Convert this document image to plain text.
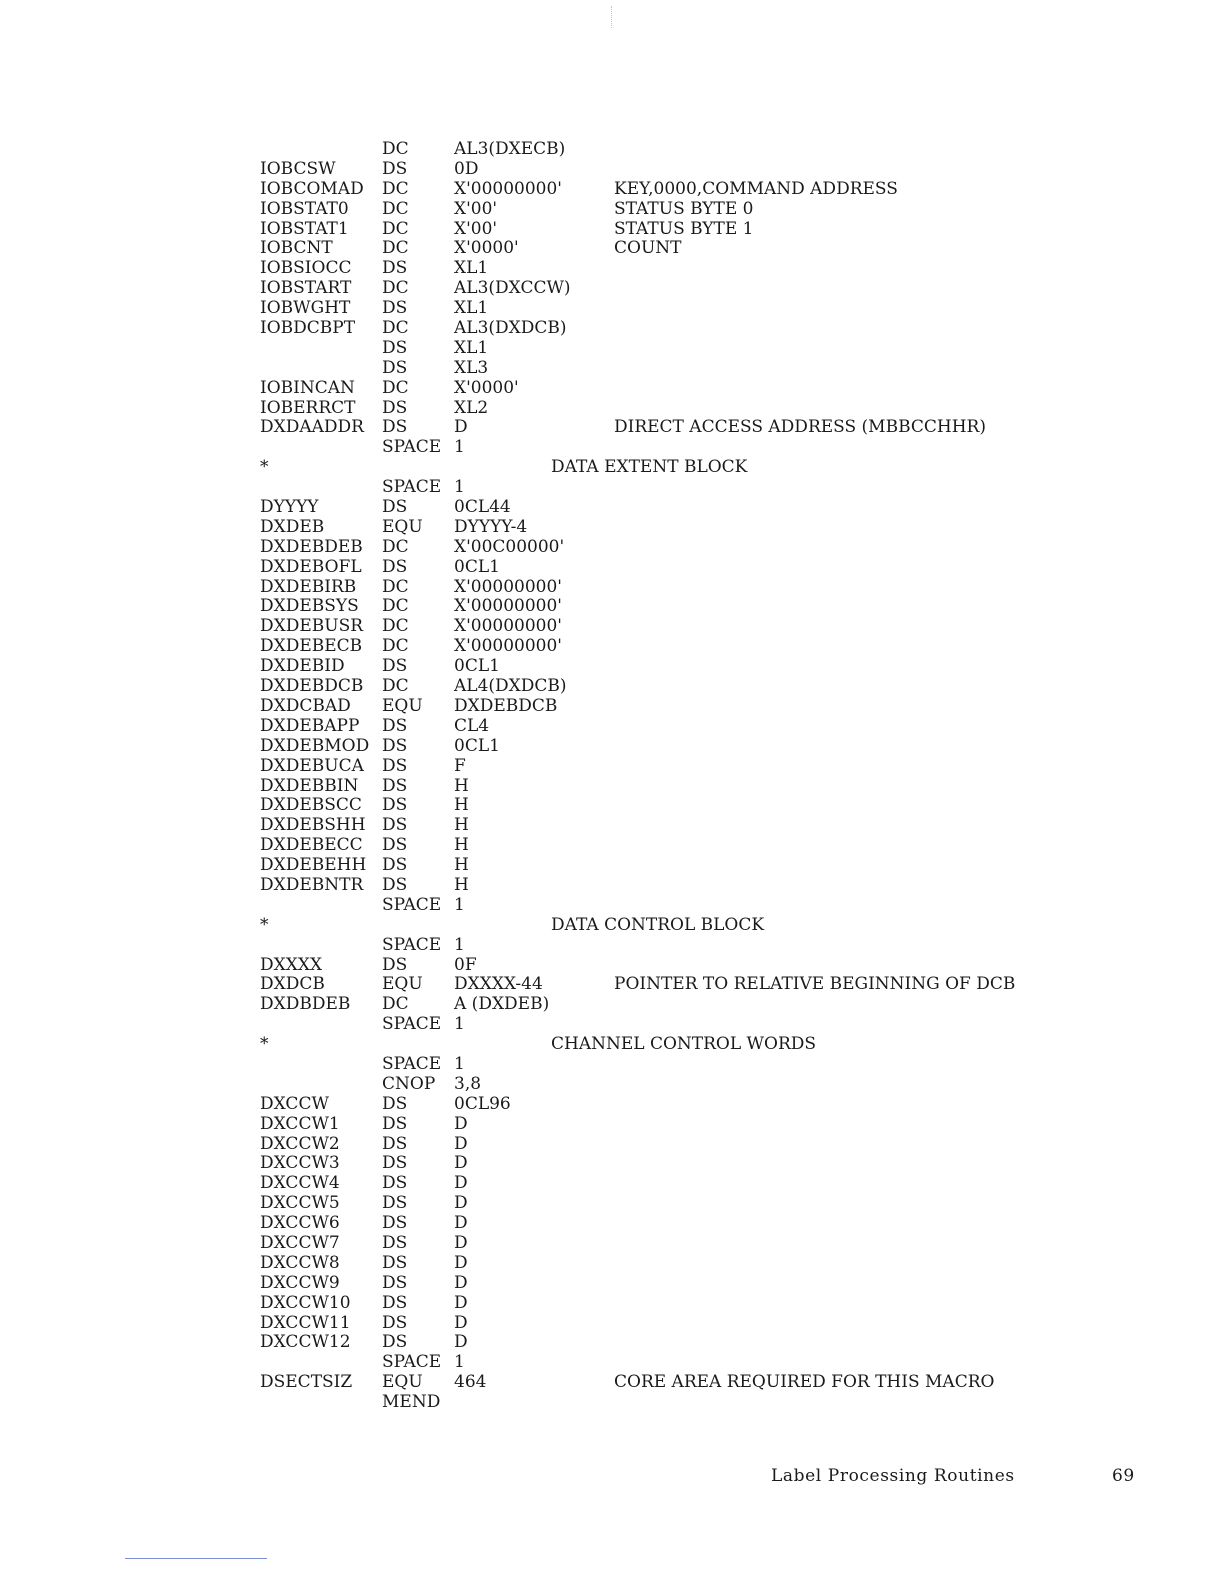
DC	AL3(DXECB)
IOBCSW	DS	0D
IOBCOMAD DC	X'00000000'	KEY,0000,COMMAND ADDRESS
IOBSTAT0 DC	X'00'	STATUS BYTE 0
IOBSTAT1 DC	X'00'	STATUS BYTE 1
IOBCNT	DC	X'0000'	COUNT
IOBSIOCC DS	XL1
IOBSTART DC	AL3(DXCCW)
IOBWGHT DS	XL1
IOBDCBPT DC	AL3(DXDCB)
DS	XL1
DS	XL3
IOBINCAN DC	X'0000'
IOBERRCT DS	XL2
DXDAADDR DS	D	DIRECT ACCESS ADDRESS (MBBCCHHR)
SPACE 1
*	DATA EXTENT BLOCK
SPACE 1
DYYYY	DS	0CL44
DXDEB	EQU DYYYY-4
DXDEBDEB DC	X'00C00000'
DXDEBOFL DS	0CL1
DXDEBIRB DC	X'00000000'
DXDEBSYS DC	X'00000000'
DXDEBUSR DC	X'00000000'
DXDEBECB DC	X'00000000'
DXDEBID DS	0CL1
DXDEBDCB DC	AL4(DXDCB)
DXDCBAD EQU DXDEBDCB
DXDEBAPP DS	CL4
DXDEBMOD DS	0CL1
DXDEBUCA DS	F
DXDEBBIN DS	H
DXDEBSCC DS	H
DXDEBSHH DS	H
DXDEBECC DS	H
DXDEBEHH DS	H
DXDEBNTR DS	H
SPACE 1
*	DATA CONTROL BLOCK
SPACE 1
DXXXX	DS	0F
DXDCB	EQU DXXXX-44	POINTER TO RELATIVE BEGINNING OF DCB
DXDBDEB DC	A (DXDEB)
SPACE 1
*	CHANNEL CONTROL WORDS
SPACE 1
CNOP 3,8
DXCCW	DS	0CL96
DXCCW1 DS	D
DXCCW2 DS	D
DXCCW3 DS	D
DXCCW4 DS	D
DXCCW5 DS	D
DXCCW6 DS	D
DXCCW7 DS	D
DXCCW8 DS	D
DXCCW9 DS	D
DXCCW10 DS	D
DXCCW11 DS	D
DXCCW12 DS	D
SPACE 1
DSECTSIZ EQU 464	CORE AREA REQUIRED FOR THIS MACRO
MEND
Label Processing Routines	69
